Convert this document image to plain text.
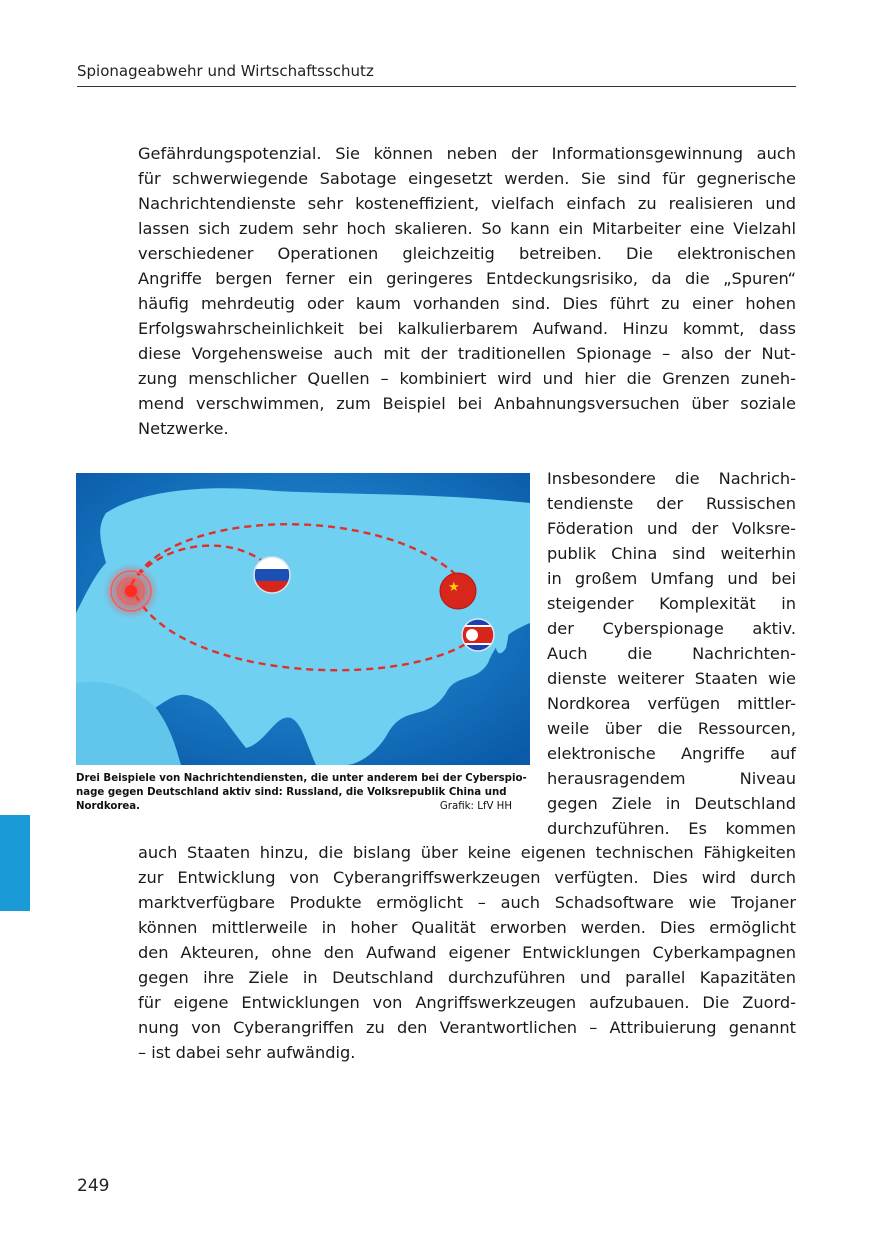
Spionageabwehr und Wirtschaftsschutz
Gefährdungspotenzial. Sie können neben der Informationsgewinnung auch
für schwerwiegende Sabotage eingesetzt werden. Sie sind für gegnerische
Nachrichtendienste sehr kosteneffizient, vielfach einfach zu realisieren und
lassen sich zudem sehr hoch skalieren. So kann ein Mitarbeiter eine Vielzahl
verschiedener Operationen gleichzeitig betreiben. Die elektronischen
Angriffe bergen ferner ein geringeres Entdeckungsrisiko, da die „Spuren“
häufig mehrdeutig oder kaum vorhanden sind. Dies führt zu einer hohen
Erfolgswahrscheinlichkeit bei kalkulierbarem Aufwand. Hinzu kommt, dass
diese Vorgehensweise auch mit der traditionellen Spionage – also der Nut-
zung menschlicher Quellen – kombiniert wird und hier die Grenzen zuneh-
mend verschwimmen, zum Beispiel bei Anbahnungsversuchen über soziale
Netzwerke.
★
Drei Beispiele von Nachrichtendiensten, die unter anderem bei der Cyberspio-
nage gegen Deutschland aktiv sind: Russland, die Volksrepublik China und
Nordkorea.	Grafik: LfV HH
Insbesondere die Nachrich-
tendienste der Russischen
Föderation und der Volksre-
publik China sind weiterhin
in großem Umfang und bei
steigender Komplexität in
der Cyberspionage aktiv.
Auch die Nachrichten-
dienste weiterer Staaten wie
Nordkorea verfügen mittler-
weile über die Ressourcen,
elektronische Angriffe auf
herausragendem Niveau
gegen Ziele in Deutschland
durchzuführen. Es kommen
auch Staaten hinzu, die bislang über keine eigenen technischen Fähigkeiten
zur Entwicklung von Cyberangriffswerkzeugen verfügten. Dies wird durch
marktverfügbare Produkte ermöglicht – auch Schadsoftware wie Trojaner
können mittlerweile in hoher Qualität erworben werden. Dies ermöglicht
den Akteuren, ohne den Aufwand eigener Entwicklungen Cyberkampagnen
gegen ihre Ziele in Deutschland durchzuführen und parallel Kapazitäten
für eigene Entwicklungen von Angriffswerkzeugen aufzubauen. Die Zuord-
nung von Cyberangriffen zu den Verantwortlichen – Attribuierung genannt
– ist dabei sehr aufwändig.
249
